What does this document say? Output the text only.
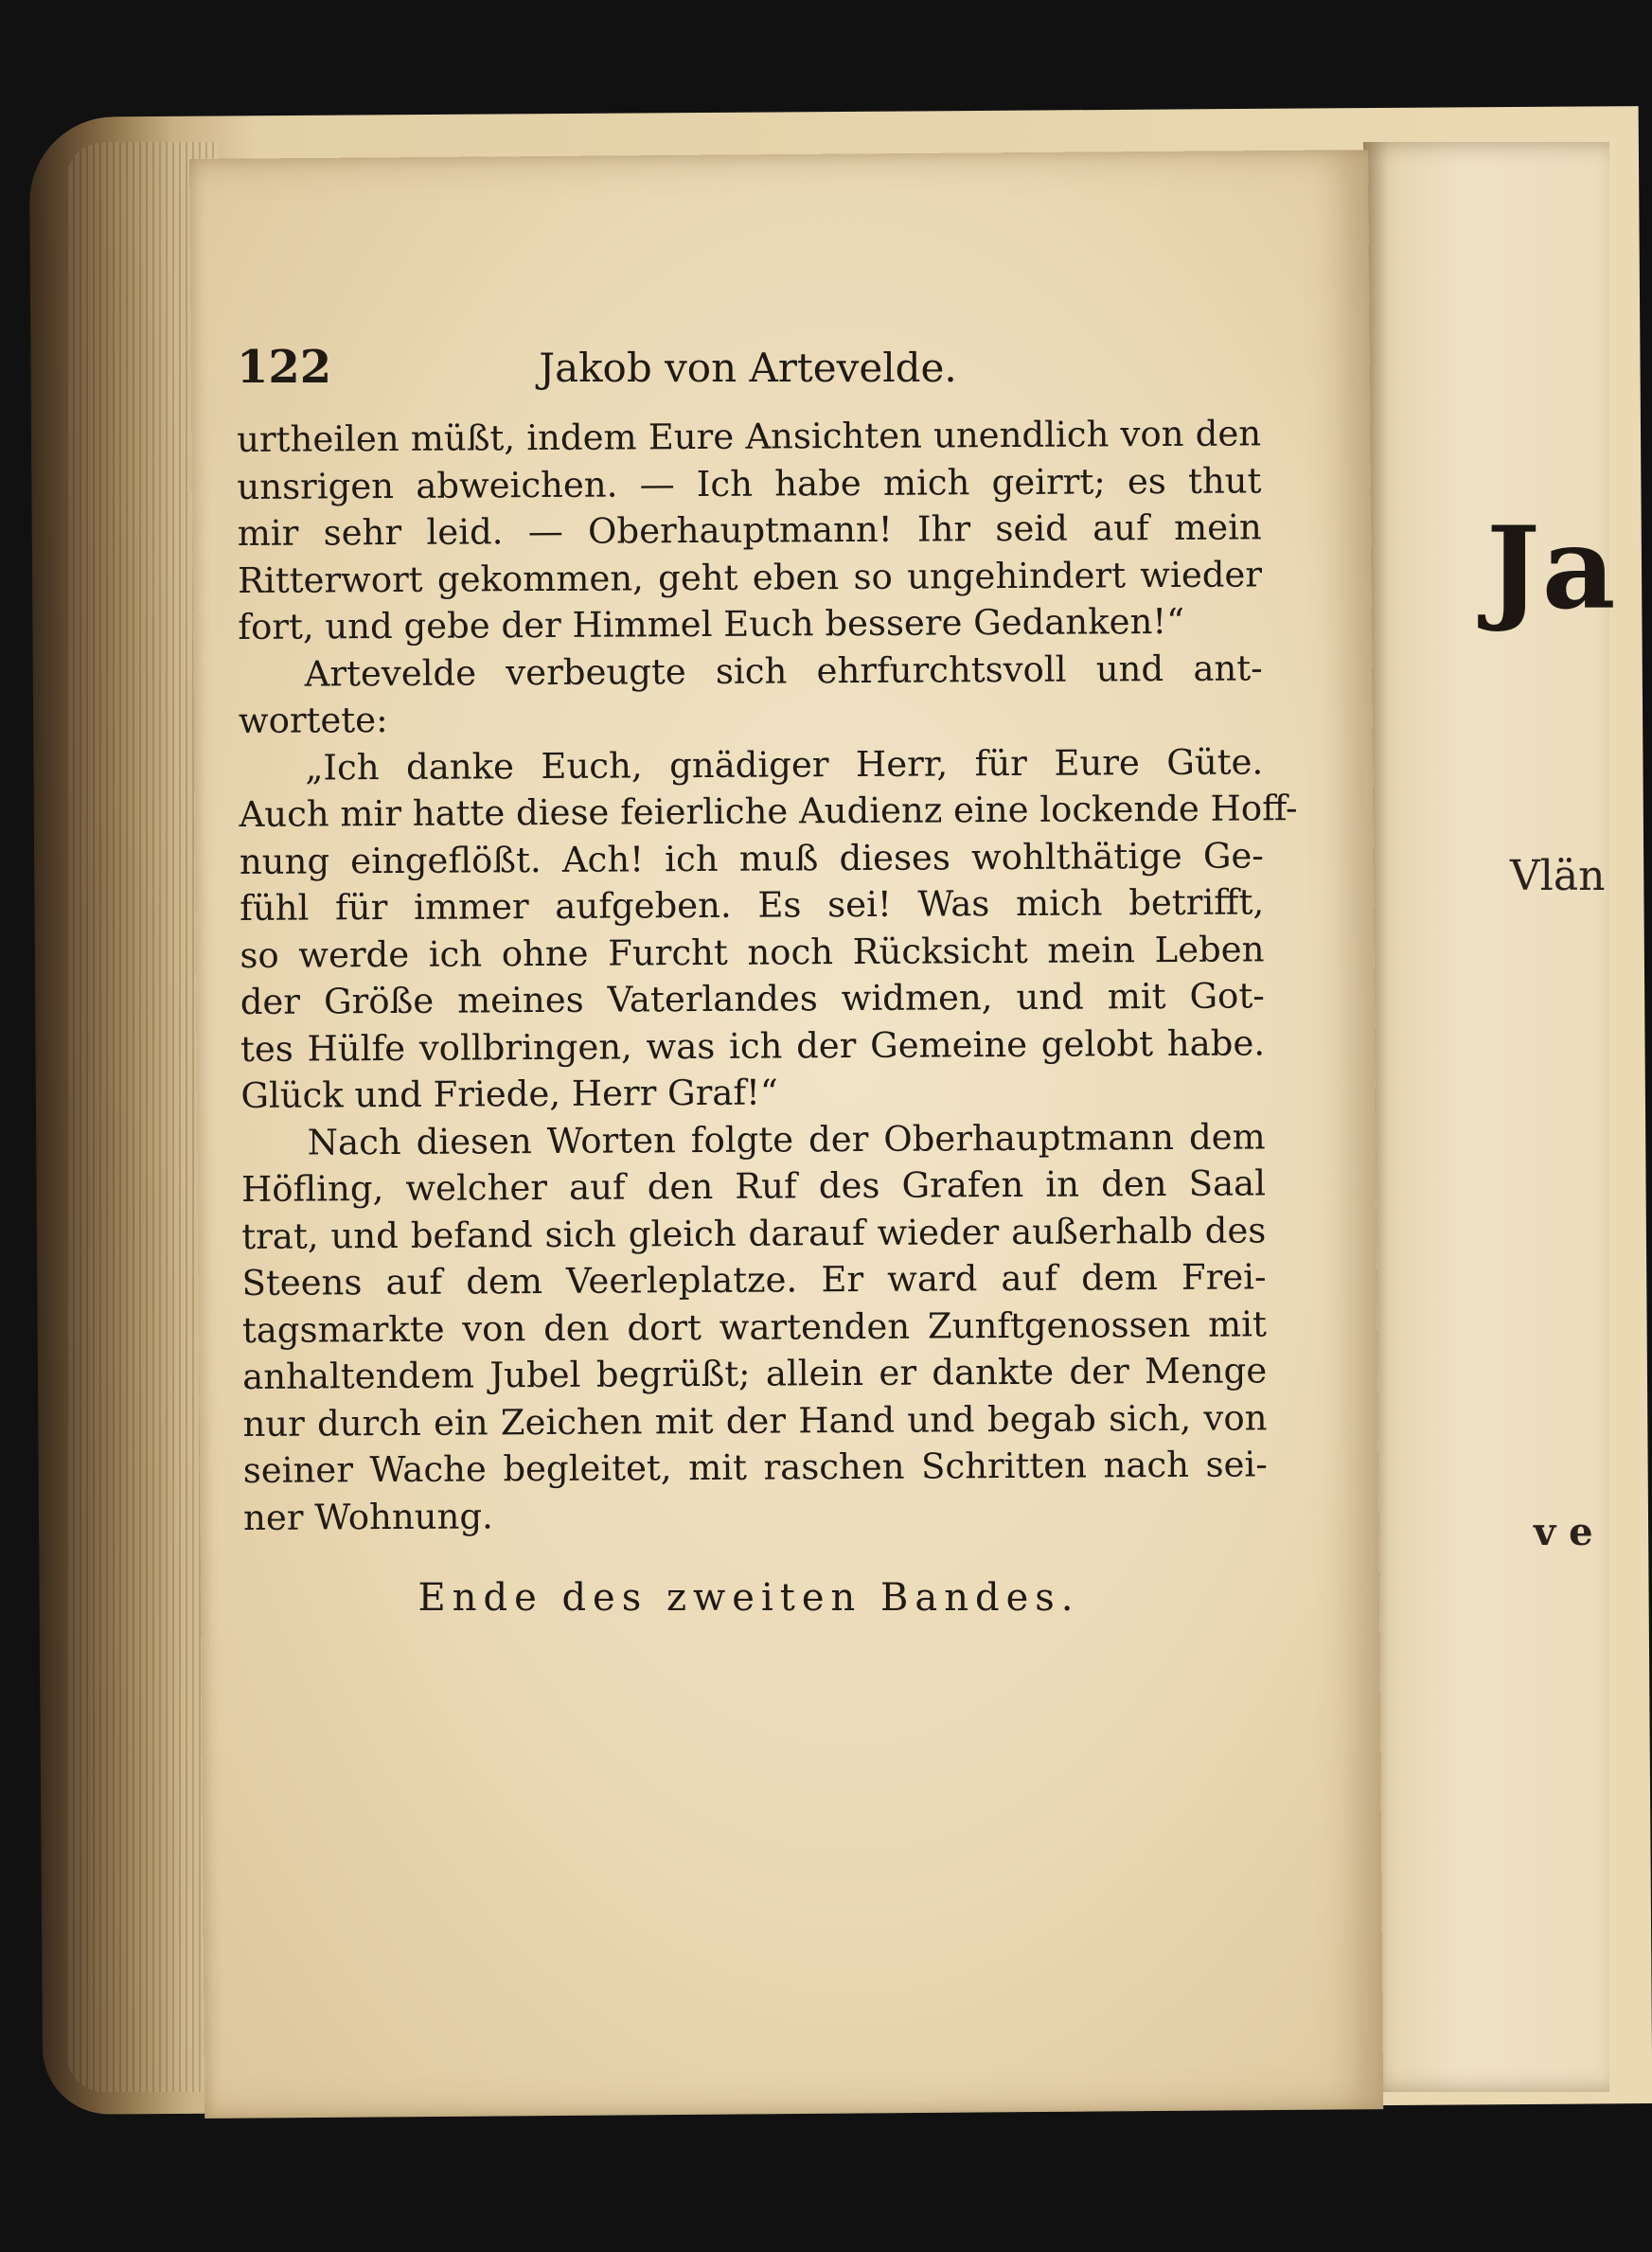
Ja
Vlän
v e
122	Jakob von Artevelde.
urtheilen müßt, indem Eure Ansichten unendlich von den
unsrigen abweichen. — Ich habe mich geirrt; es thut
mir sehr leid. — Oberhauptmann! Ihr seid auf mein
Ritterwort gekommen, geht eben so ungehindert wieder
fort, und gebe der Himmel Euch bessere Gedanken!“
Artevelde verbeugte sich ehrfurchtsvoll und ant-
wortete:
„Ich danke Euch, gnädiger Herr, für Eure Güte.
Auch mir hatte diese feierliche Audienz eine lockende Hoff-
nung eingeflößt. Ach! ich muß dieses wohlthätige Ge-
fühl für immer aufgeben. Es sei! Was mich betrifft,
so werde ich ohne Furcht noch Rücksicht mein Leben
der Größe meines Vaterlandes widmen, und mit Got-
tes Hülfe vollbringen, was ich der Gemeine gelobt habe.
Glück und Friede, Herr Graf!“
Nach diesen Worten folgte der Oberhauptmann dem
Höfling, welcher auf den Ruf des Grafen in den Saal
trat, und befand sich gleich darauf wieder außerhalb des
Steens auf dem Veerleplatze. Er ward auf dem Frei-
tagsmarkte von den dort wartenden Zunftgenossen mit
anhaltendem Jubel begrüßt; allein er dankte der Menge
nur durch ein Zeichen mit der Hand und begab sich, von
seiner Wache begleitet, mit raschen Schritten nach sei-
ner Wohnung.
Ende des zweiten Bandes.
